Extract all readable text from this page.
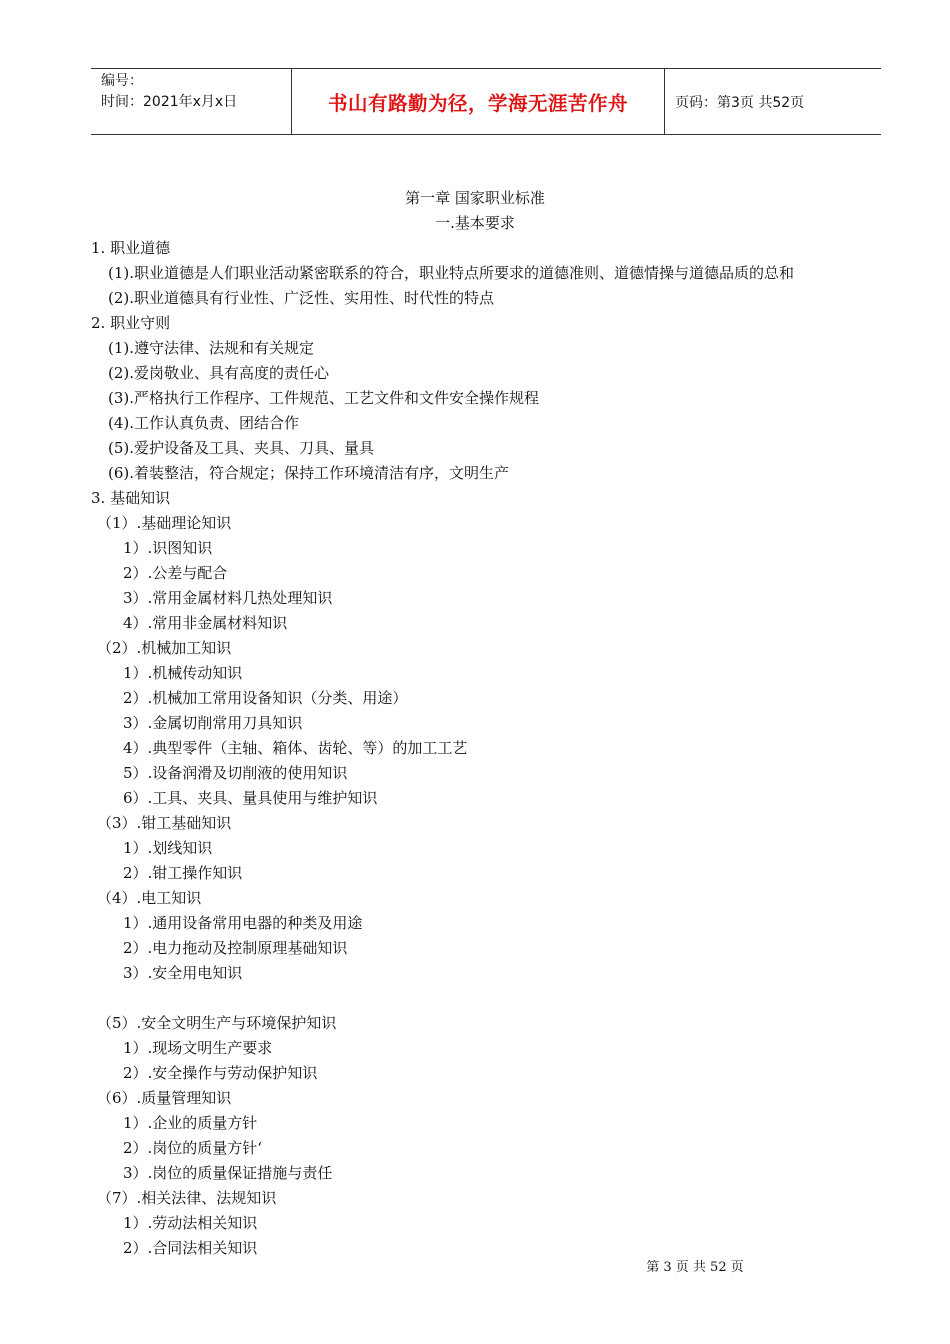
编号：
时间：2021年x月x日	书山有路勤为径，学海无涯苦作舟	页码：第3页 共52页
第一章 国家职业标准
一.基本要求
1. 职业道德
(1).职业道德是人们职业活动紧密联系的符合，职业特点所要求的道德准则、道德情操与道德品质的总和
(2).职业道德具有行业性、广泛性、实用性、时代性的特点
2. 职业守则
(1).遵守法律、法规和有关规定
(2).爱岗敬业、具有高度的责任心
(3).严格执行工作程序、工件规范、工艺文件和文件安全操作规程
(4).工作认真负责、团结合作
(5).爱护设备及工具、夹具、刀具、量具
(6).着装整洁，符合规定；保持工作环境清洁有序，文明生产
3. 基础知识
（1）.基础理论知识
1）.识图知识
2）.公差与配合
3）.常用金属材料几热处理知识
4）.常用非金属材料知识
（2）.机械加工知识
1）.机械传动知识
2）.机械加工常用设备知识（分类、用途）
3）.金属切削常用刀具知识
4）.典型零件（主轴、箱体、齿轮、等）的加工工艺
5）.设备润滑及切削液的使用知识
6）.工具、夹具、量具使用与维护知识
（3）.钳工基础知识
1）.划线知识
2）.钳工操作知识
（4）.电工知识
1）.通用设备常用电器的种类及用途
2）.电力拖动及控制原理基础知识
3）.安全用电知识
（5）.安全文明生产与环境保护知识
1）.现场文明生产要求
2）.安全操作与劳动保护知识
（6）.质量管理知识
1）.企业的质量方针
2）.岗位的质量方针‘
3）.岗位的质量保证措施与责任
（7）.相关法律、法规知识
1）.劳动法相关知识
2）.合同法相关知识
第 3 页 共 52 页
